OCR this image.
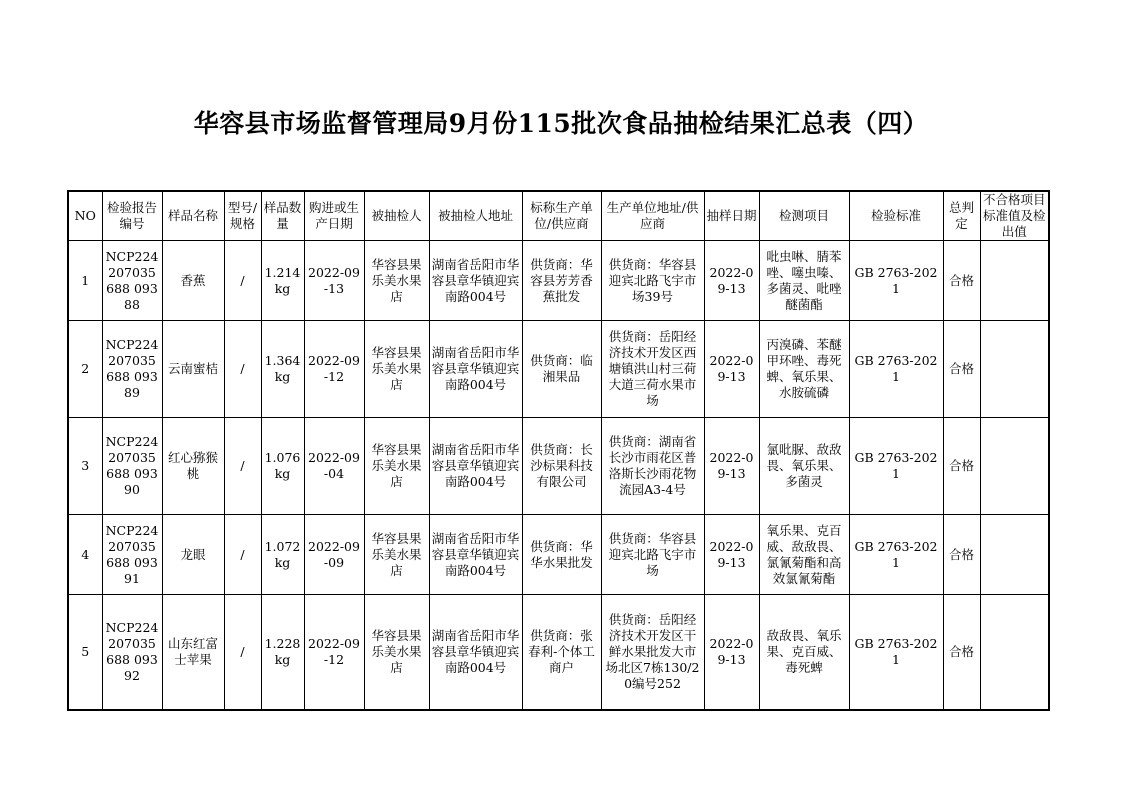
华容县市场监督管理局9月份115批次食品抽检结果汇总表（四）
NO	检验报告编号	样品名称	型号/规格	样品数量	购进或生产日期	被抽检人	被抽检人地址	标称生产单位/供应商	生产单位地址/供应商	抽样日期	检测项目	检验标准	总判定	不合格项目标准值及检出值
1	NCP224207035688 09388	香蕉	/	1.214kg	2022-09-13	华容县果乐美水果店	湖南省岳阳市华容县章华镇迎宾南路004号	供货商：华容县芳芳香蕉批发	供货商：华容县迎宾北路飞宇市场39号	2022-09-13	吡虫啉、腈苯唑、噻虫嗪、多菌灵、吡唑醚菌酯	GB 2763-2021	合格	
2	NCP224207035688 09389	云南蜜桔	/	1.364kg	2022-09-12	华容县果乐美水果店	湖南省岳阳市华容县章华镇迎宾南路004号	供货商：临湘果品	供货商：岳阳经济技术开发区西塘镇洪山村三荷大道三荷水果市场	2022-09-13	丙溴磷、苯醚甲环唑、毒死蜱、氧乐果、水胺硫磷	GB 2763-2021	合格	
3	NCP224207035688 09390	红心猕猴桃	/	1.076kg	2022-09-04	华容县果乐美水果店	湖南省岳阳市华容县章华镇迎宾南路004号	供货商：长沙标果科技有限公司	供货商：湖南省长沙市雨花区普洛斯长沙雨花物流园A3-4号	2022-09-13	氯吡脲、敌敌畏、氧乐果、多菌灵	GB 2763-2021	合格	
4	NCP224207035688 09391	龙眼	/	1.072kg	2022-09-09	华容县果乐美水果店	湖南省岳阳市华容县章华镇迎宾南路004号	供货商：华华水果批发	供货商：华容县迎宾北路飞宇市场	2022-09-13	氧乐果、克百威、敌敌畏、氯氰菊酯和高效氯氰菊酯	GB 2763-2021	合格	
5	NCP224207035688 09392	山东红富士苹果	/	1.228kg	2022-09-12	华容县果乐美水果店	湖南省岳阳市华容县章华镇迎宾南路004号	供货商：张春利-个体工商户	供货商：岳阳经济技术开发区干鲜水果批发大市场北区7栋130/20编号252	2022-09-13	敌敌畏、氧乐果、克百威、毒死蜱	GB 2763-2021	合格	
